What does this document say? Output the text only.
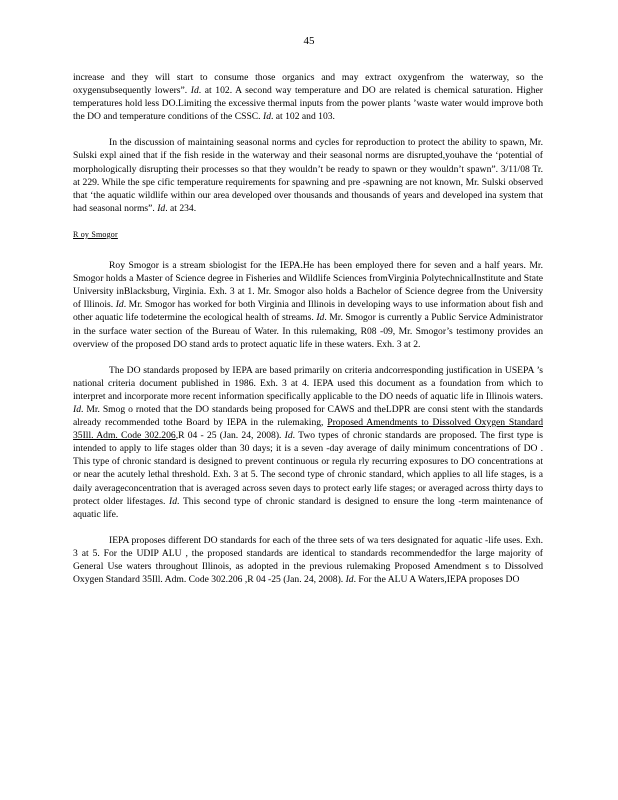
45

increase and they will start to consume those organics and may extract oxygenfrom the waterway, so the oxygensubsequently lowers”. Id. at 102. A second way temperature and DO are related is chemical saturation. Higher temperatures hold less DO.Limiting the excessive thermal inputs from the power plants ’waste water would improve both the DO and temperature conditions of the CSSC. Id. at 102 and 103.

In the discussion of maintaining seasonal norms and cycles for reproduction to protect the ability to spawn, Mr. Sulski expl ained that if the fish reside in the waterway and their seasonal norms are disrupted,youhave the ‘potential of morphologically disrupting their processes so that they wouldn’t be ready to spawn or they wouldn’t spawn”. 3/11/08 Tr. at 229. While the spe cific temperature requirements for spawning and pre -spawning are not known, Mr. Sulski observed that ‘the aquatic wildlife within our area developed over thousands and thousands of years and developed ina system that had seasonal norms”. Id. at 234.

R oy Smogor

Roy Smogor is a stream sbiologist for the IEPA.He has been employed there for seven and a half years. Mr. Smogor holds a Master of Science degree in Fisheries and Wildlife Sciences fromVirginia PolytechnicalInstitute and State University inBlacksburg, Virginia. Exh. 3 at 1. Mr. Smogor also holds a Bachelor of Science degree from the University of Illinois. Id. Mr. Smogor has worked for both Virginia and Illinois in developing ways to use information about fish and other aquatic life todetermine the ecological health of streams. Id. Mr. Smogor is currently a Public Service Administrator in the surface water section of the Bureau of Water. In this rulemaking, R08 -09, Mr. Smogor’s testimony provides an overview of the proposed DO stand ards to protect aquatic life in these waters. Exh. 3 at 2.

The DO standards proposed by IEPA are based primarily on criteria andcorresponding justification in USEPA ’s national criteria document published in 1986. Exh. 3 at 4. IEPA used this document as a foundation from which to interpret and incorporate more recent information specifically applicable to the DO needs of aquatic life in Illinois waters. Id. Mr. Smog o rnoted that the DO standards being proposed for CAWS and theLDPR are consi stent with the standards already recommended tothe Board by IEPA in the rulemaking, Proposed Amendments to Dissolved Oxygen Standard 35Ill. Adm. Code 302.206,R 04 - 25 (Jan. 24, 2008). Id. Two types of chronic standards are proposed. The first type is intended to apply to life stages older than 30 days; it is a seven -day average of daily minimum concentrations of DO . This type of chronic standard is designed to prevent continuous or regula rly recurring exposures to DO concentrations at or near the acutely lethal threshold. Exh. 3 at 5. The second type of chronic standard, which applies to all life stages, is a daily averageconcentration that is averaged across seven days to protect early life stages; or averaged across thirty days to protect older lifestages. Id. This second type of chronic standard is designed to ensure the long -term maintenance of aquatic life.

IEPA proposes different DO standards for each of the three sets of wa ters designated for aquatic -life uses. Exh. 3 at 5. For the UDIP ALU , the proposed standards are identical to standards recommendedfor the large majority of General Use waters throughout Illinois, as adopted in the previous rulemaking Proposed Amendment s to Dissolved Oxygen Standard 35Ill. Adm. Code 302.206 ,R 04 -25 (Jan. 24, 2008). Id. For the ALU A Waters,IEPA proposes DO
